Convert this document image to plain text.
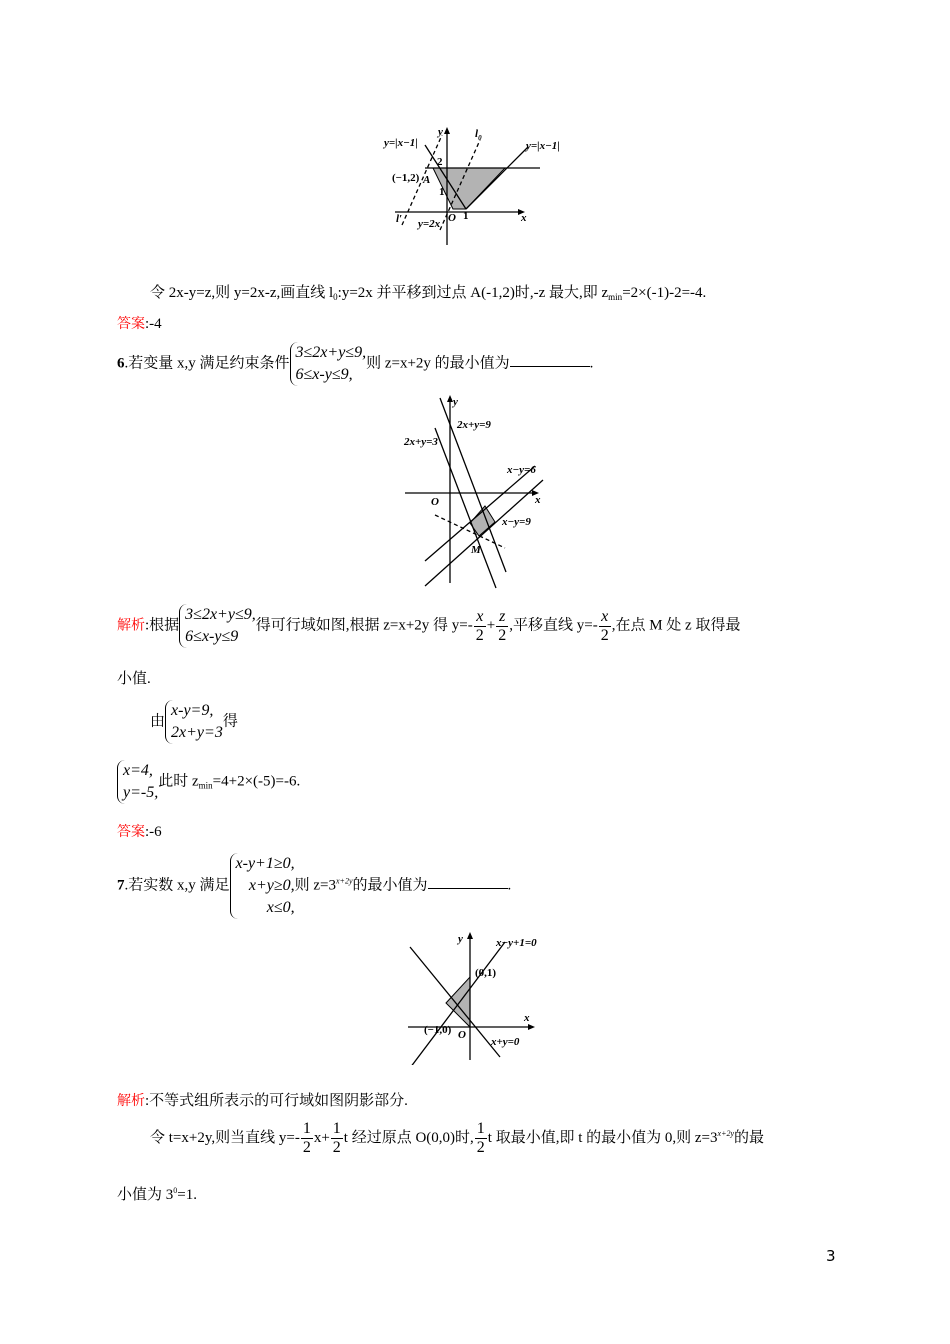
y=|x−1|
y	$l_0$
y=|x−1|
2
(−1,2) A
1
O 1	x
l′ y=2x
令 2x-y=z,则 y=2x-z,画直线 $l_0:y=2x$ 并平移到过点 A(-1,2)时,-z 最大,即 $z_{min}=2\times(-1)-2=-4$.
答案:-4
6.若变量 x,y 满足约束条件
3≤2x+y≤9,
6≤x-y≤9,
则 z=x+2y 的最小值为	.
y
2x+y=9
2x+y=3
x−y=6
O	x
x−y=9
M
解析:根据
3≤2x+y≤9,
6≤x-y≤9
得可行域如图,根据 z=x+2y 得 $y=- \frac{x}{2} + \frac{z}{2}$ ,平移直线 $y=- \frac{x}{2}$ ,在点 M 处 z 取得最
小值.
由
x-y=9,
2x+y=3
得
x=4,
y=-5,
此时 $z_{min}=4+2\times(-5)=-6$.
答案:-6
7.若实数 x,y 满足
x-y+1≥0,
x+y≥0,
x≤0,
则 $z=3^{x+2y}$的最小值为	.
y	x−y+1=0
(0,1)
x
(−1,0) O
x+y=0
解析:不等式组所表示的可行域如图阴影部分.
令 t=x+2y,则当直线 $y=- \frac{1}{2} x+ \frac{1}{2}$ t 经过原点 O(0,0)时, $\frac{1}{2}$ t 取最小值,即 t 的最小值为 0,则 $z=3^{x+2y}$的最
小值为 $3^0=1$.
3
